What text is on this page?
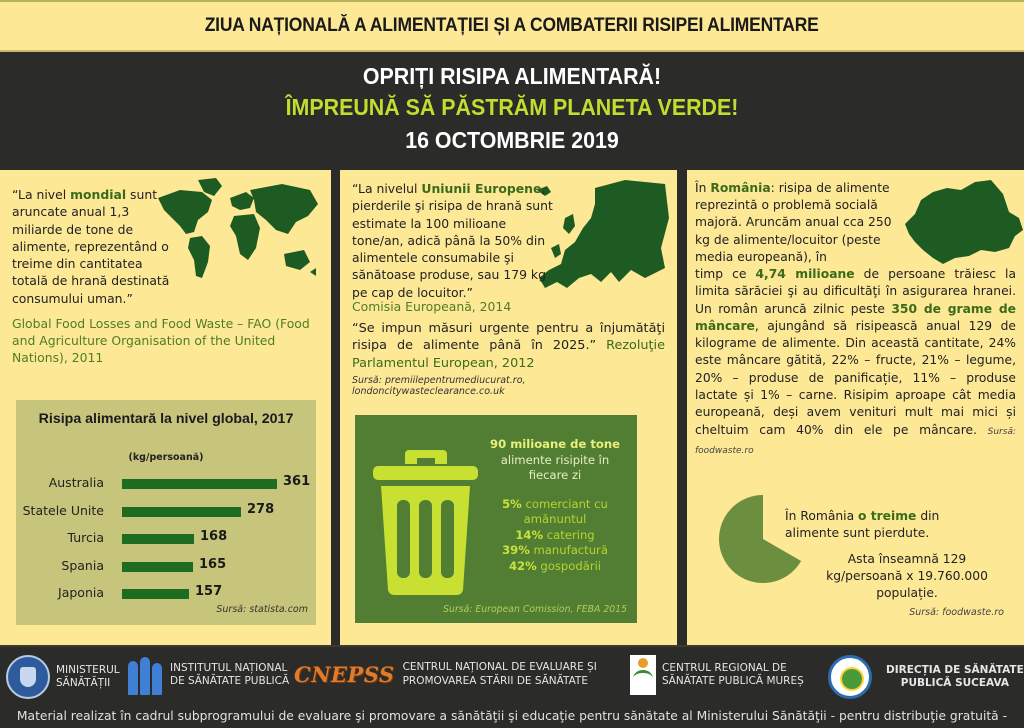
ZIUA NAȚIONALĂ A ALIMENTAȚIEI ȘI A COMBATERII RISIPEI ALIMENTARE
OPRIȚI RISIPA ALIMENTARĂ!
ÎMPREUNĂ SĂ PĂSTRĂM PLANETA VERDE!
16 OCTOMBRIE 2019
“La nivel mondial sunt aruncate anual 1,3 miliarde de tone de alimente, reprezentând o treime din cantitatea totală de hrană destinată consumului uman.”
Global Food Losses and Food Waste – FAO (Food and Agriculture Organisation of the United Nations), 2011
Risipa alimentară la nivel global, 2017
(kg/persoană)
Australia	361
Statele Unite	278
Turcia	168
Spania	165
Japonia	157
Sursă: statista.com
“La nivelul Uniunii Europene, pierderile şi risipa de hrană sunt estimate la 100 milioane tone/an, adică până la 50% din alimentele consumabile şi sănătoase produse, sau 179 kg pe cap de locuitor.”
Comisia Europeană, 2014
“Se impun măsuri urgente pentru a înjumătăţi risipa de alimente până în 2025.” Rezoluţie Parlamentul European, 2012
Sursă: premiilepentrumediucurat.ro, londoncitywasteclearance.co.uk
90 milioane de tone
alimente risipite în fiecare zi
5% comerciant cu amănuntul
14% catering
39% manufactură
42% gospodării
Sursă: European Comission, FEBA 2015
În România: risipa de alimente reprezintă o problemă socială majoră. Aruncăm anual cca 250 kg de alimente/locuitor (peste media europeană), în
timp ce 4,74 milioane de persoane trăiesc la limita sărăciei şi au dificultăţi în asigurarea hranei. Un român aruncă zilnic peste 350 de grame de mâncare, ajungând să risipească anual 129 de kilograme de alimente. Din această cantitate, 24% este mâncare gătită, 22% – fructe, 21% – legume, 20% – produse de panificație, 11% – produse lactate și 1% – carne. Risipim aproape cât media europeană, deși avem venituri mult mai mici și cheltuim cam 40% din ele pe mâncare. Sursă: foodwaste.ro
În România o treime din alimente sunt pierdute.
Asta înseamnă 129 kg/persoană x 19.760.000 populație.
Sursă: foodwaste.ro
MINISTERUL
SĂNĂTĂȚII
INSTITUTUL NAȚIONAL
DE SĂNĂTATE PUBLICĂ CNEPSS CENTRUL NAȚIONAL DE EVALUARE ȘI
PROMOVAREA STĂRII DE SĂNĂTATE
CENTRUL REGIONAL DE
SĂNĂTATE PUBLICĂ MUREȘ
DIRECȚIA DE SĂNĂTATE
PUBLICĂ SUCEAVA
Material realizat în cadrul subprogramului de evaluare şi promovare a sănătăţii şi educaţie pentru sănătate al Ministerului Sănătăţii - pentru distribuţie gratuită -
